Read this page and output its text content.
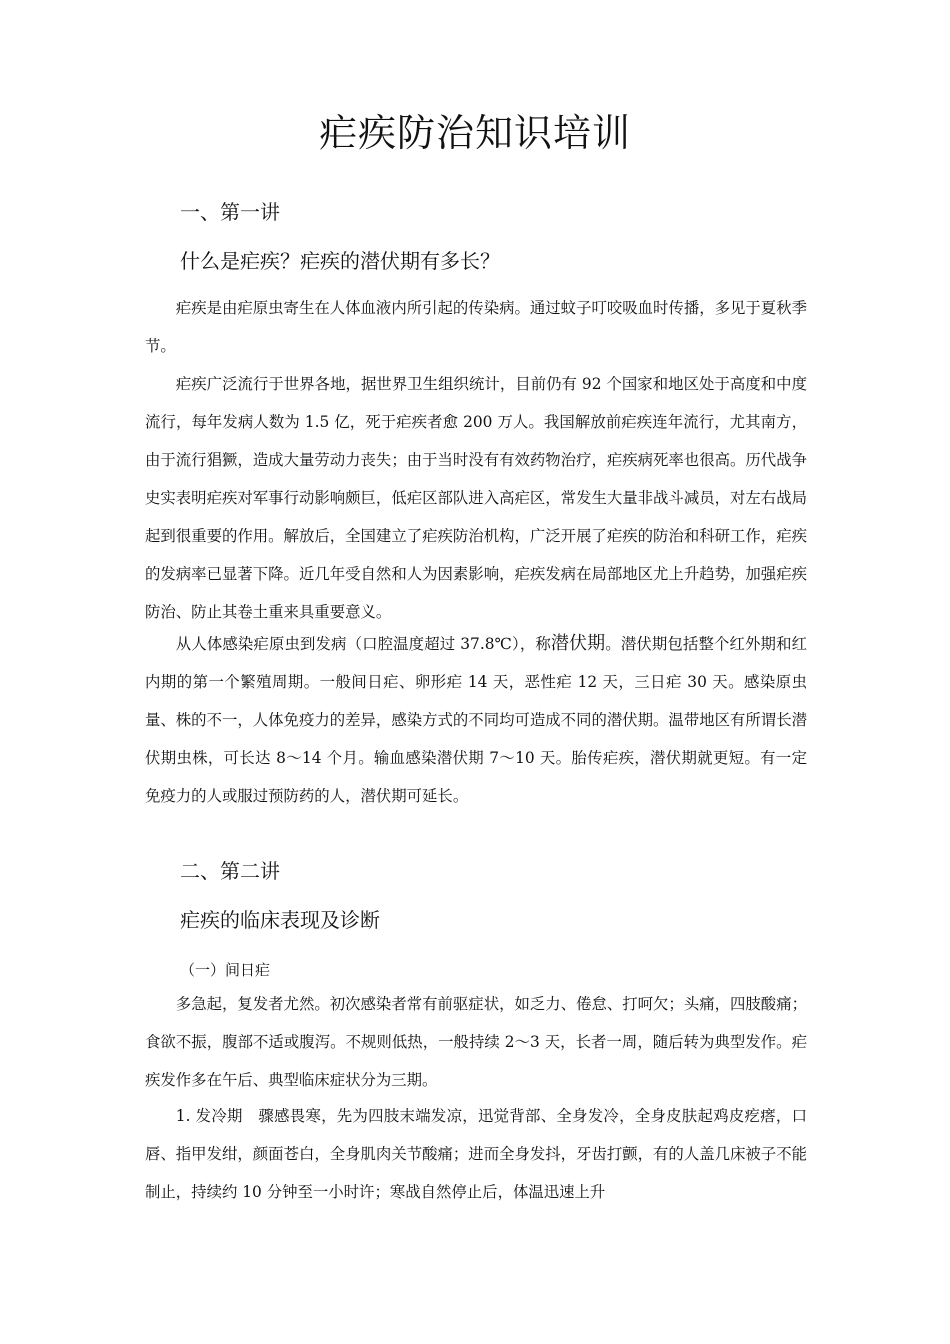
疟疾防治知识培训
一、第一讲
什么是疟疾？疟疾的潜伏期有多长？

疟疾是由疟原虫寄生在人体血液内所引起的传染病。通过蚊子叮咬吸血时传播，多见于夏秋季节。

疟疾广泛流行于世界各地，据世界卫生组织统计，目前仍有 92 个国家和地区处于高度和中度流行，每年发病人数为 1.5 亿，死于疟疾者愈 200 万人。我国解放前疟疾连年流行，尤其南方，由于流行猖獗，造成大量劳动力丧失；由于当时没有有效药物治疗，疟疾病死率也很高。历代战争史实表明疟疾对军事行动影响颇巨，低疟区部队进入高疟区，常发生大量非战斗减员，对左右战局起到很重要的作用。解放后，全国建立了疟疾防治机构，广泛开展了疟疾的防治和科研工作，疟疾的发病率已显著下降。近几年受自然和人为因素影响，疟疾发病在局部地区尤上升趋势，加强疟疾防治、防止其卷土重来具重要意义。

从人体感染疟原虫到发病（口腔温度超过 37.8℃），称潜伏期。潜伏期包括整个红外期和红内期的第一个繁殖周期。一般间日疟、卵形疟 14 天，恶性疟 12 天，三日疟 30 天。感染原虫量、株的不一，人体免疫力的差异，感染方式的不同均可造成不同的潜伏期。温带地区有所谓长潜伏期虫株，可长达 8～14 个月。输血感染潜伏期 7～10 天。胎传疟疾，潜伏期就更短。有一定免疫力的人或服过预防药的人，潜伏期可延长。

二、第二讲
疟疾的临床表现及诊断
（一）间日疟

多急起，复发者尤然。初次感染者常有前驱症状，如乏力、倦怠、打呵欠；头痛，四肢酸痛；食欲不振，腹部不适或腹泻。不规则低热，一般持续 2～3 天，长者一周，随后转为典型发作。疟疾发作多在午后、典型临床症状分为三期。

1. 发冷期　骤感畏寒，先为四肢末端发凉，迅觉背部、全身发冷，全身皮肤起鸡皮疙瘩，口唇、指甲发绀，颜面苍白，全身肌肉关节酸痛；进而全身发抖，牙齿打颤，有的人盖几床被子不能制止，持续约 10 分钟至一小时许；寒战自然停止后，体温迅速上升
